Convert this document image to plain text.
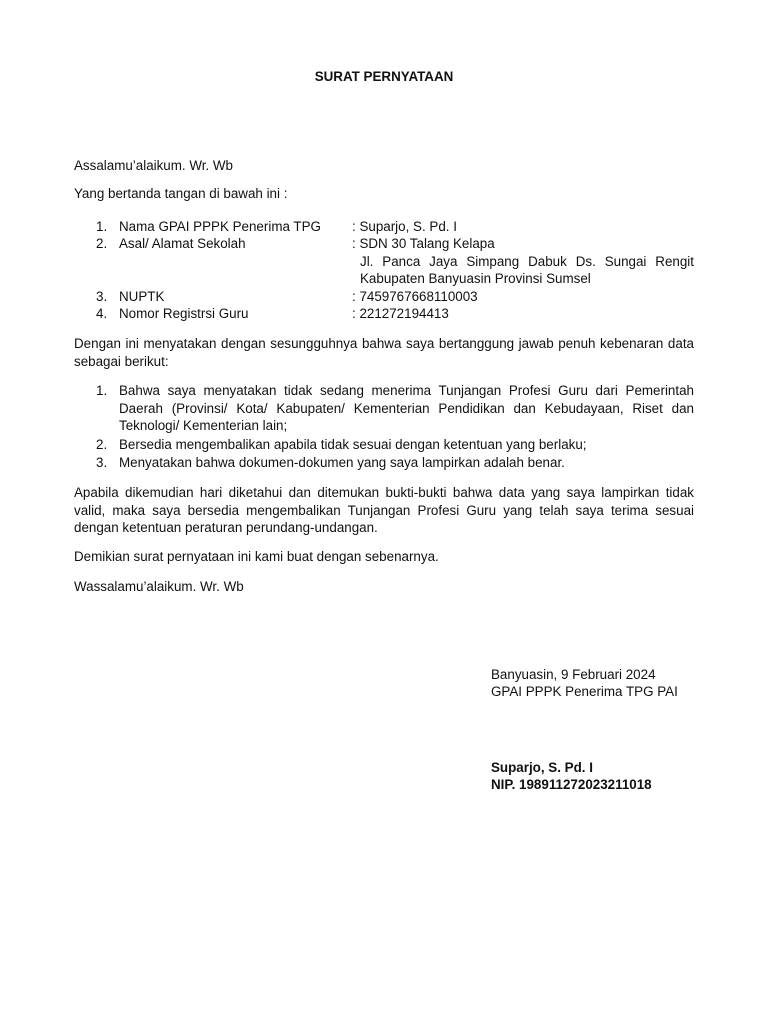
SURAT PERNYATAAN

Assalamu’alaikum. Wr. Wb

Yang bertanda tangan di bawah ini :

1. Nama GPAI PPPK Penerima TPG : Suparjo, S. Pd. I
2. Asal/ Alamat Sekolah	: SDN 30 Talang Kelapa
Jl. Panca Jaya Simpang Dabuk Ds. Sungai Rengit
Kabupaten Banyuasin Provinsi Sumsel
3. NUPTK	: 7459767668110003
4. Nomor Registrsi Guru	: 221272194413

Dengan ini menyatakan dengan sesungguhnya bahwa saya bertanggung jawab penuh kebenaran data sebagai berikut:

1. Bahwa saya menyatakan tidak sedang menerima Tunjangan Profesi Guru dari Pemerintah Daerah (Provinsi/ Kota/ Kabupaten/ Kementerian Pendidikan dan Kebudayaan, Riset dan Teknologi/ Kementerian lain;
2. Bersedia mengembalikan apabila tidak sesuai dengan ketentuan yang berlaku;
3. Menyatakan bahwa dokumen-dokumen yang saya lampirkan adalah benar.

Apabila dikemudian hari diketahui dan ditemukan bukti-bukti bahwa data yang saya lampirkan tidak valid, maka saya bersedia mengembalikan Tunjangan Profesi Guru yang telah saya terima sesuai dengan ketentuan peraturan perundang-undangan.

Demikian surat pernyataan ini kami buat dengan sebenarnya.

Wassalamu’alaikum. Wr. Wb

Banyuasin, 9 Februari 2024

GPAI PPPK Penerima TPG PAI

Suparjo, S. Pd. I

NIP. 198911272023211018
